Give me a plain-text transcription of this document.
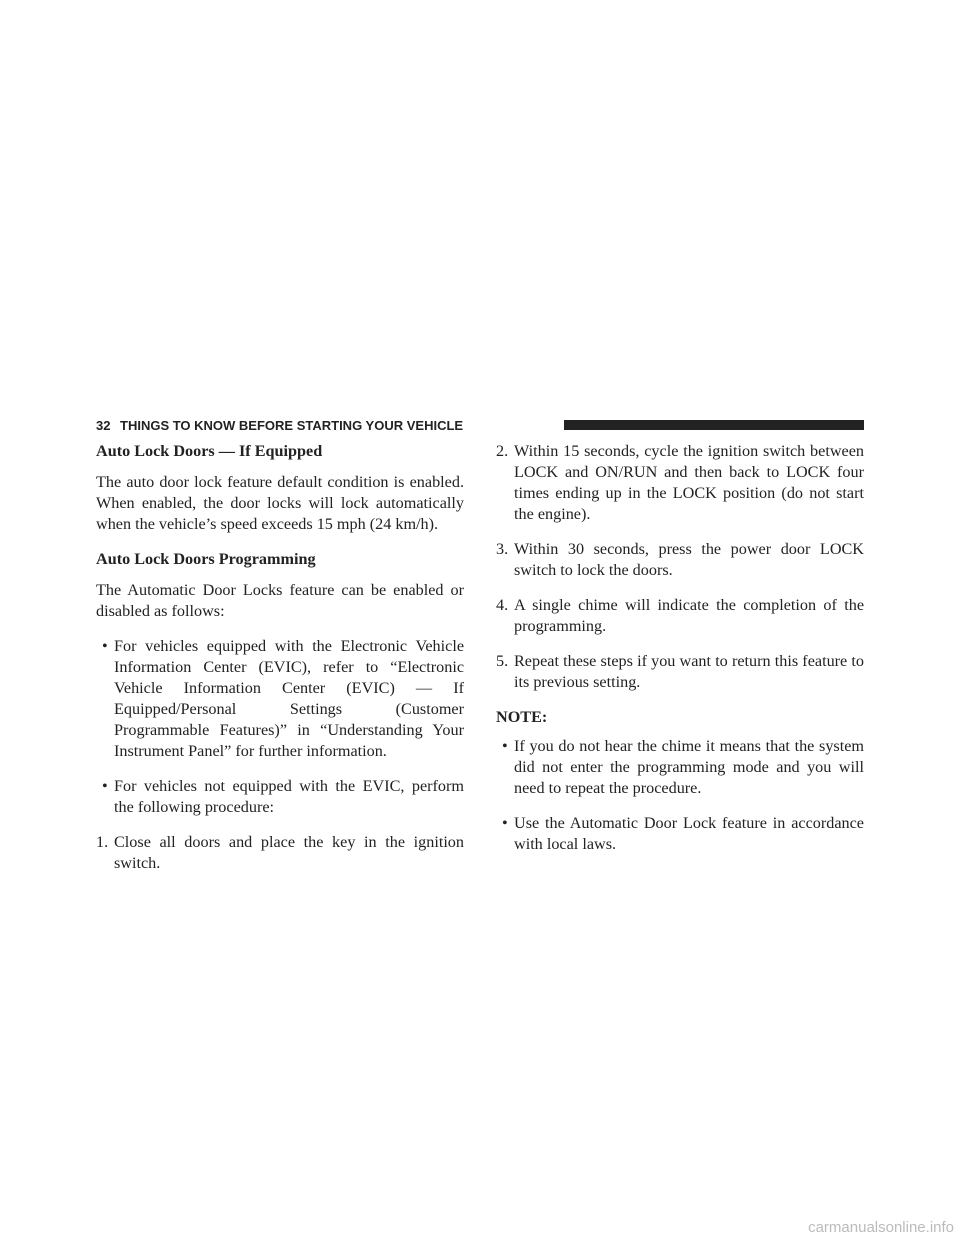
32 THINGS TO KNOW BEFORE STARTING YOUR VEHICLE
Auto Lock Doors — If Equipped

The auto door lock feature default condition is enabled. When enabled, the door locks will lock automatically when the vehicle’s speed exceeds 15 mph (24 km/h).

Auto Lock Doors Programming

The Automatic Door Locks feature can be enabled or disabled as follows:

• For vehicles equipped with the Electronic Vehicle Information Center (EVIC), refer to “Electronic Vehicle Information Center (EVIC) — If Equipped/Personal Settings (Customer Programmable Features)” in “Understanding Your Instrument Panel” for further information.
• For vehicles not equipped with the EVIC, perform the following procedure:
1. Close all doors and place the key in the ignition switch.
2. Within 15 seconds, cycle the ignition switch between LOCK and ON/RUN and then back to LOCK four times ending up in the LOCK position (do not start the engine).
3. Within 30 seconds, press the power door LOCK switch to lock the doors.
4. A single chime will indicate the completion of the programming.
5. Repeat these steps if you want to return this feature to its previous setting.
NOTE:
• If you do not hear the chime it means that the system did not enter the programming mode and you will need to repeat the procedure.
• Use the Automatic Door Lock feature in accordance with local laws.
carmanualsonline.info
